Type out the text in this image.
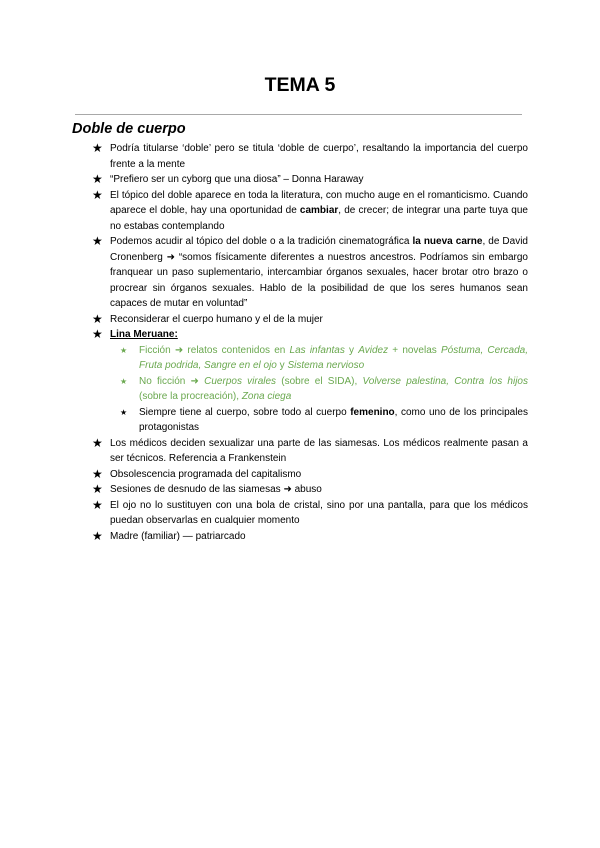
TEMA 5
Doble de cuerpo
★ Podría titularse ‘doble’ pero se titula ‘doble de cuerpo’, resaltando la importancia del cuerpo frente a la mente
★ “Prefiero ser un cyborg que una diosa” – Donna Haraway
★ El tópico del doble aparece en toda la literatura, con mucho auge en el romanticismo. Cuando aparece el doble, hay una oportunidad de cambiar, de crecer; de integrar una parte tuya que no estabas contemplando
★ Podemos acudir al tópico del doble o a la tradición cinematográfica la nueva carne, de David Cronenberg ➜ “somos físicamente diferentes a nuestros ancestros. Podríamos sin embargo franquear un paso suplementario, intercambiar órganos sexuales, hacer brotar otro brazo o procrear sin órganos sexuales. Hablo de la posibilidad de que los seres humanos sean capaces de mutar en voluntad”
★ Reconsiderar el cuerpo humano y el de la mujer
★ Lina Meruane:
★	Ficción ➜ relatos contenidos en Las infantas y Avidez + novelas Póstuma, Cercada, Fruta podrida, Sangre en el ojo y Sistema nervioso
★	No ficción ➜ Cuerpos virales (sobre el SIDA), Volverse palestina, Contra los hijos (sobre la procreación), Zona ciega
★	Siempre tiene al cuerpo, sobre todo al cuerpo femenino, como uno de los principales protagonistas
★ Los médicos deciden sexualizar una parte de las siamesas. Los médicos realmente pasan a ser técnicos. Referencia a Frankenstein
★ Obsolescencia programada del capitalismo
★ Sesiones de desnudo de las siamesas ➜ abuso
★ El ojo no lo sustituyen con una bola de cristal, sino por una pantalla, para que los médicos puedan observarlas en cualquier momento
★ Madre (familiar) — patriarcado
